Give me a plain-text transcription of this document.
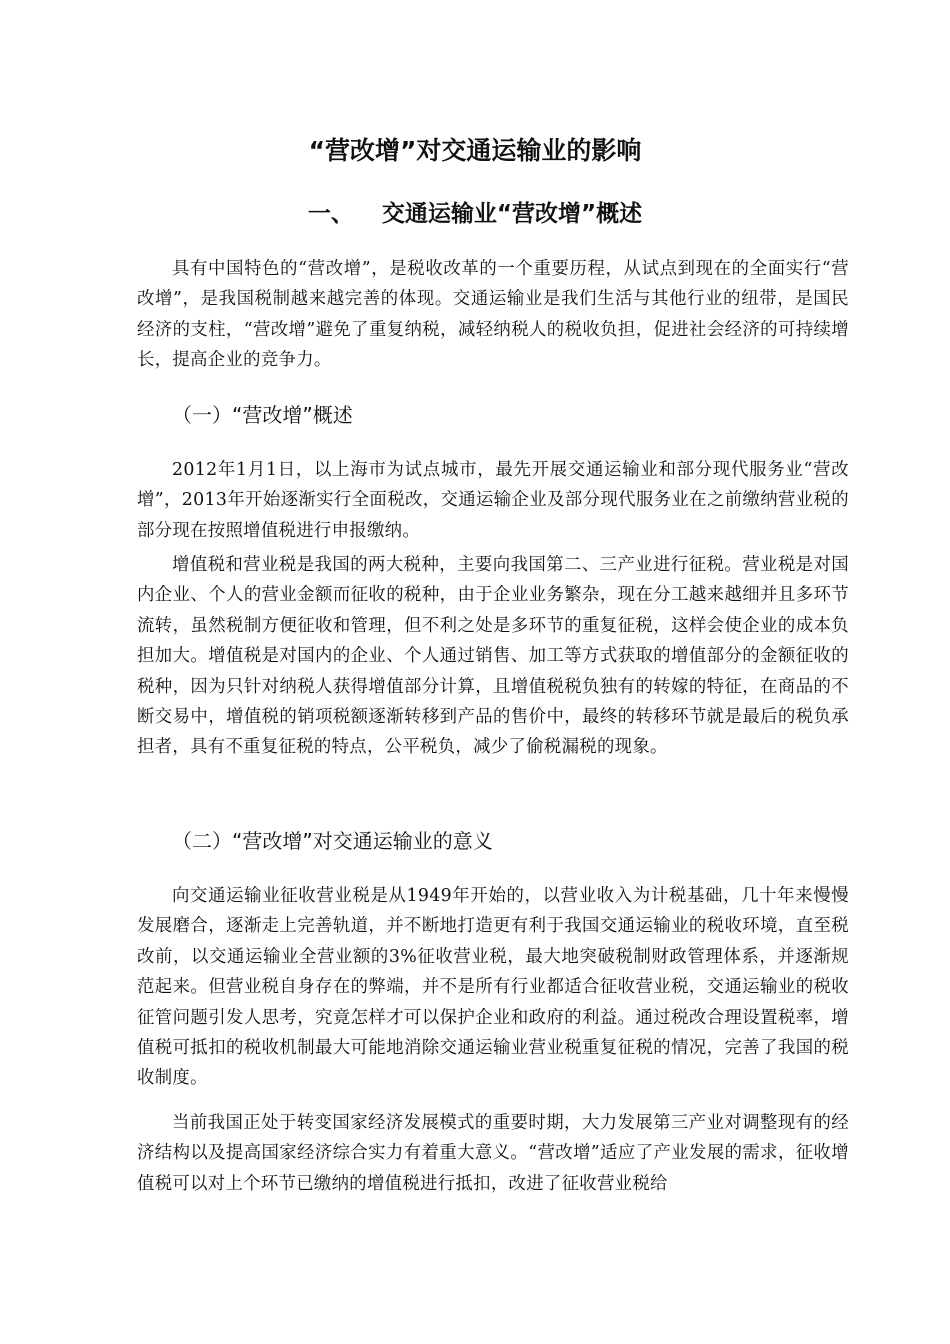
“营改增”对交通运输业的影响
一、 交通运输业“营改增”概述

具有中国特色的“营改增”，是税收改革的一个重要历程，从试点到现在的全面实行“营改增”，是我国税制越来越完善的体现。交通运输业是我们生活与其他行业的纽带，是国民经济的支柱，“营改增”避免了重复纳税，减轻纳税人的税收负担，促进社会经济的可持续增长，提高企业的竞争力。

（一）“营改增”概述

2012年1月1日，以上海市为试点城市，最先开展交通运输业和部分现代服务业“营改增”，2013年开始逐渐实行全面税改，交通运输企业及部分现代服务业在之前缴纳营业税的部分现在按照增值税进行申报缴纳。

增值税和营业税是我国的两大税种，主要向我国第二、三产业进行征税。营业税是对国内企业、个人的营业金额而征收的税种，由于企业业务繁杂，现在分工越来越细并且多环节流转，虽然税制方便征收和管理，但不利之处是多环节的重复征税，这样会使企业的成本负担加大。增值税是对国内的企业、个人通过销售、加工等方式获取的增值部分的金额征收的税种，因为只针对纳税人获得增值部分计算，且增值税税负独有的转嫁的特征，在商品的不断交易中，增值税的销项税额逐渐转移到产品的售价中，最终的转移环节就是最后的税负承担者，具有不重复征税的特点，公平税负，减少了偷税漏税的现象。

（二）“营改增”对交通运输业的意义

向交通运输业征收营业税是从1949年开始的，以营业收入为计税基础，几十年来慢慢发展磨合，逐渐走上完善轨道，并不断地打造更有利于我国交通运输业的税收环境，直至税改前，以交通运输业全营业额的3%征收营业税，最大地突破税制财政管理体系，并逐渐规范起来。但营业税自身存在的弊端，并不是所有行业都适合征收营业税，交通运输业的税收征管问题引发人思考，究竟怎样才可以保护企业和政府的利益。通过税改合理设置税率，增值税可抵扣的税收机制最大可能地消除交通运输业营业税重复征税的情况，完善了我国的税收制度。

当前我国正处于转变国家经济发展模式的重要时期，大力发展第三产业对调整现有的经济结构以及提高国家经济综合实力有着重大意义。“营改增”适应了产业发展的需求，征收增值税可以对上个环节已缴纳的增值税进行抵扣，改进了征收营业税给
